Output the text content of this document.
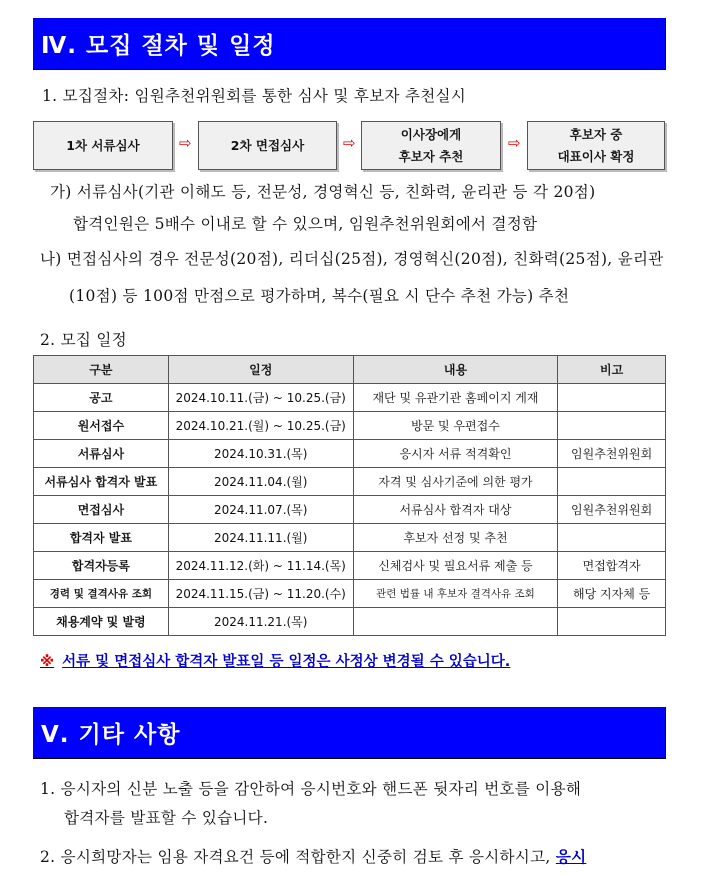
Ⅳ. 모집 절차 및 일정
1. 모집절차: 임원추천위원회를 통한 심사 및 후보자 추천실시
1차 서류심사	⇨	2차 면접심사	⇨	이사장에게
후보자 추천
⇨	후보자 중
대표이사 확정
가) 서류심사(기관 이해도 등, 전문성, 경영혁신 등, 친화력, 윤리관 등 각 20점)
합격인원은 5배수 이내로 할 수 있으며, 임원추천위원회에서 결정함
나) 면접심사의 경우 전문성(20점), 리더십(25점), 경영혁신(20점), 친화력(25점), 윤리관
(10점) 등 100점 만점으로 평가하며, 복수(필요 시 단수 추천 가능) 추천
2. 모집 일정
구분	일정	내용	비고
공고	2024.10.11.(금) ~ 10.25.(금)	재단 및 유관기관 홈페이지 게재	
원서접수	2024.10.21.(월) ~ 10.25.(금)	방문 및 우편접수	
서류심사	2024.10.31.(목)	응시자 서류 적격확인	임원추천위원회
서류심사 합격자 발표	2024.11.04.(월)	자격 및 심사기준에 의한 평가	
면접심사	2024.11.07.(목)	서류심사 합격자 대상	임원추천위원회
합격자 발표	2024.11.11.(월)	후보자 선정 및 추천	
합격자등록	2024.11.12.(화) ~ 11.14.(목)	신체검사 및 필요서류 제출 등	면접합격자
경력 및 결격사유 조회	2024.11.15.(금) ~ 11.20.(수)	관련 법률 내 후보자 결격사유 조회	해당 지자체 등
채용계약 및 발령	2024.11.21.(목)		
※ 서류 및 면접심사 합격자 발표일 등 일정은 사정상 변경될 수 있습니다.
Ⅴ. 기타 사항
1. 응시자의 신분 노출 등을 감안하여 응시번호와 핸드폰 뒷자리 번호를 이용해
합격자를 발표할 수 있습니다.
2. 응시희망자는 임용 자격요건 등에 적합한지 신중히 검토 후 응시하시고, 응시
